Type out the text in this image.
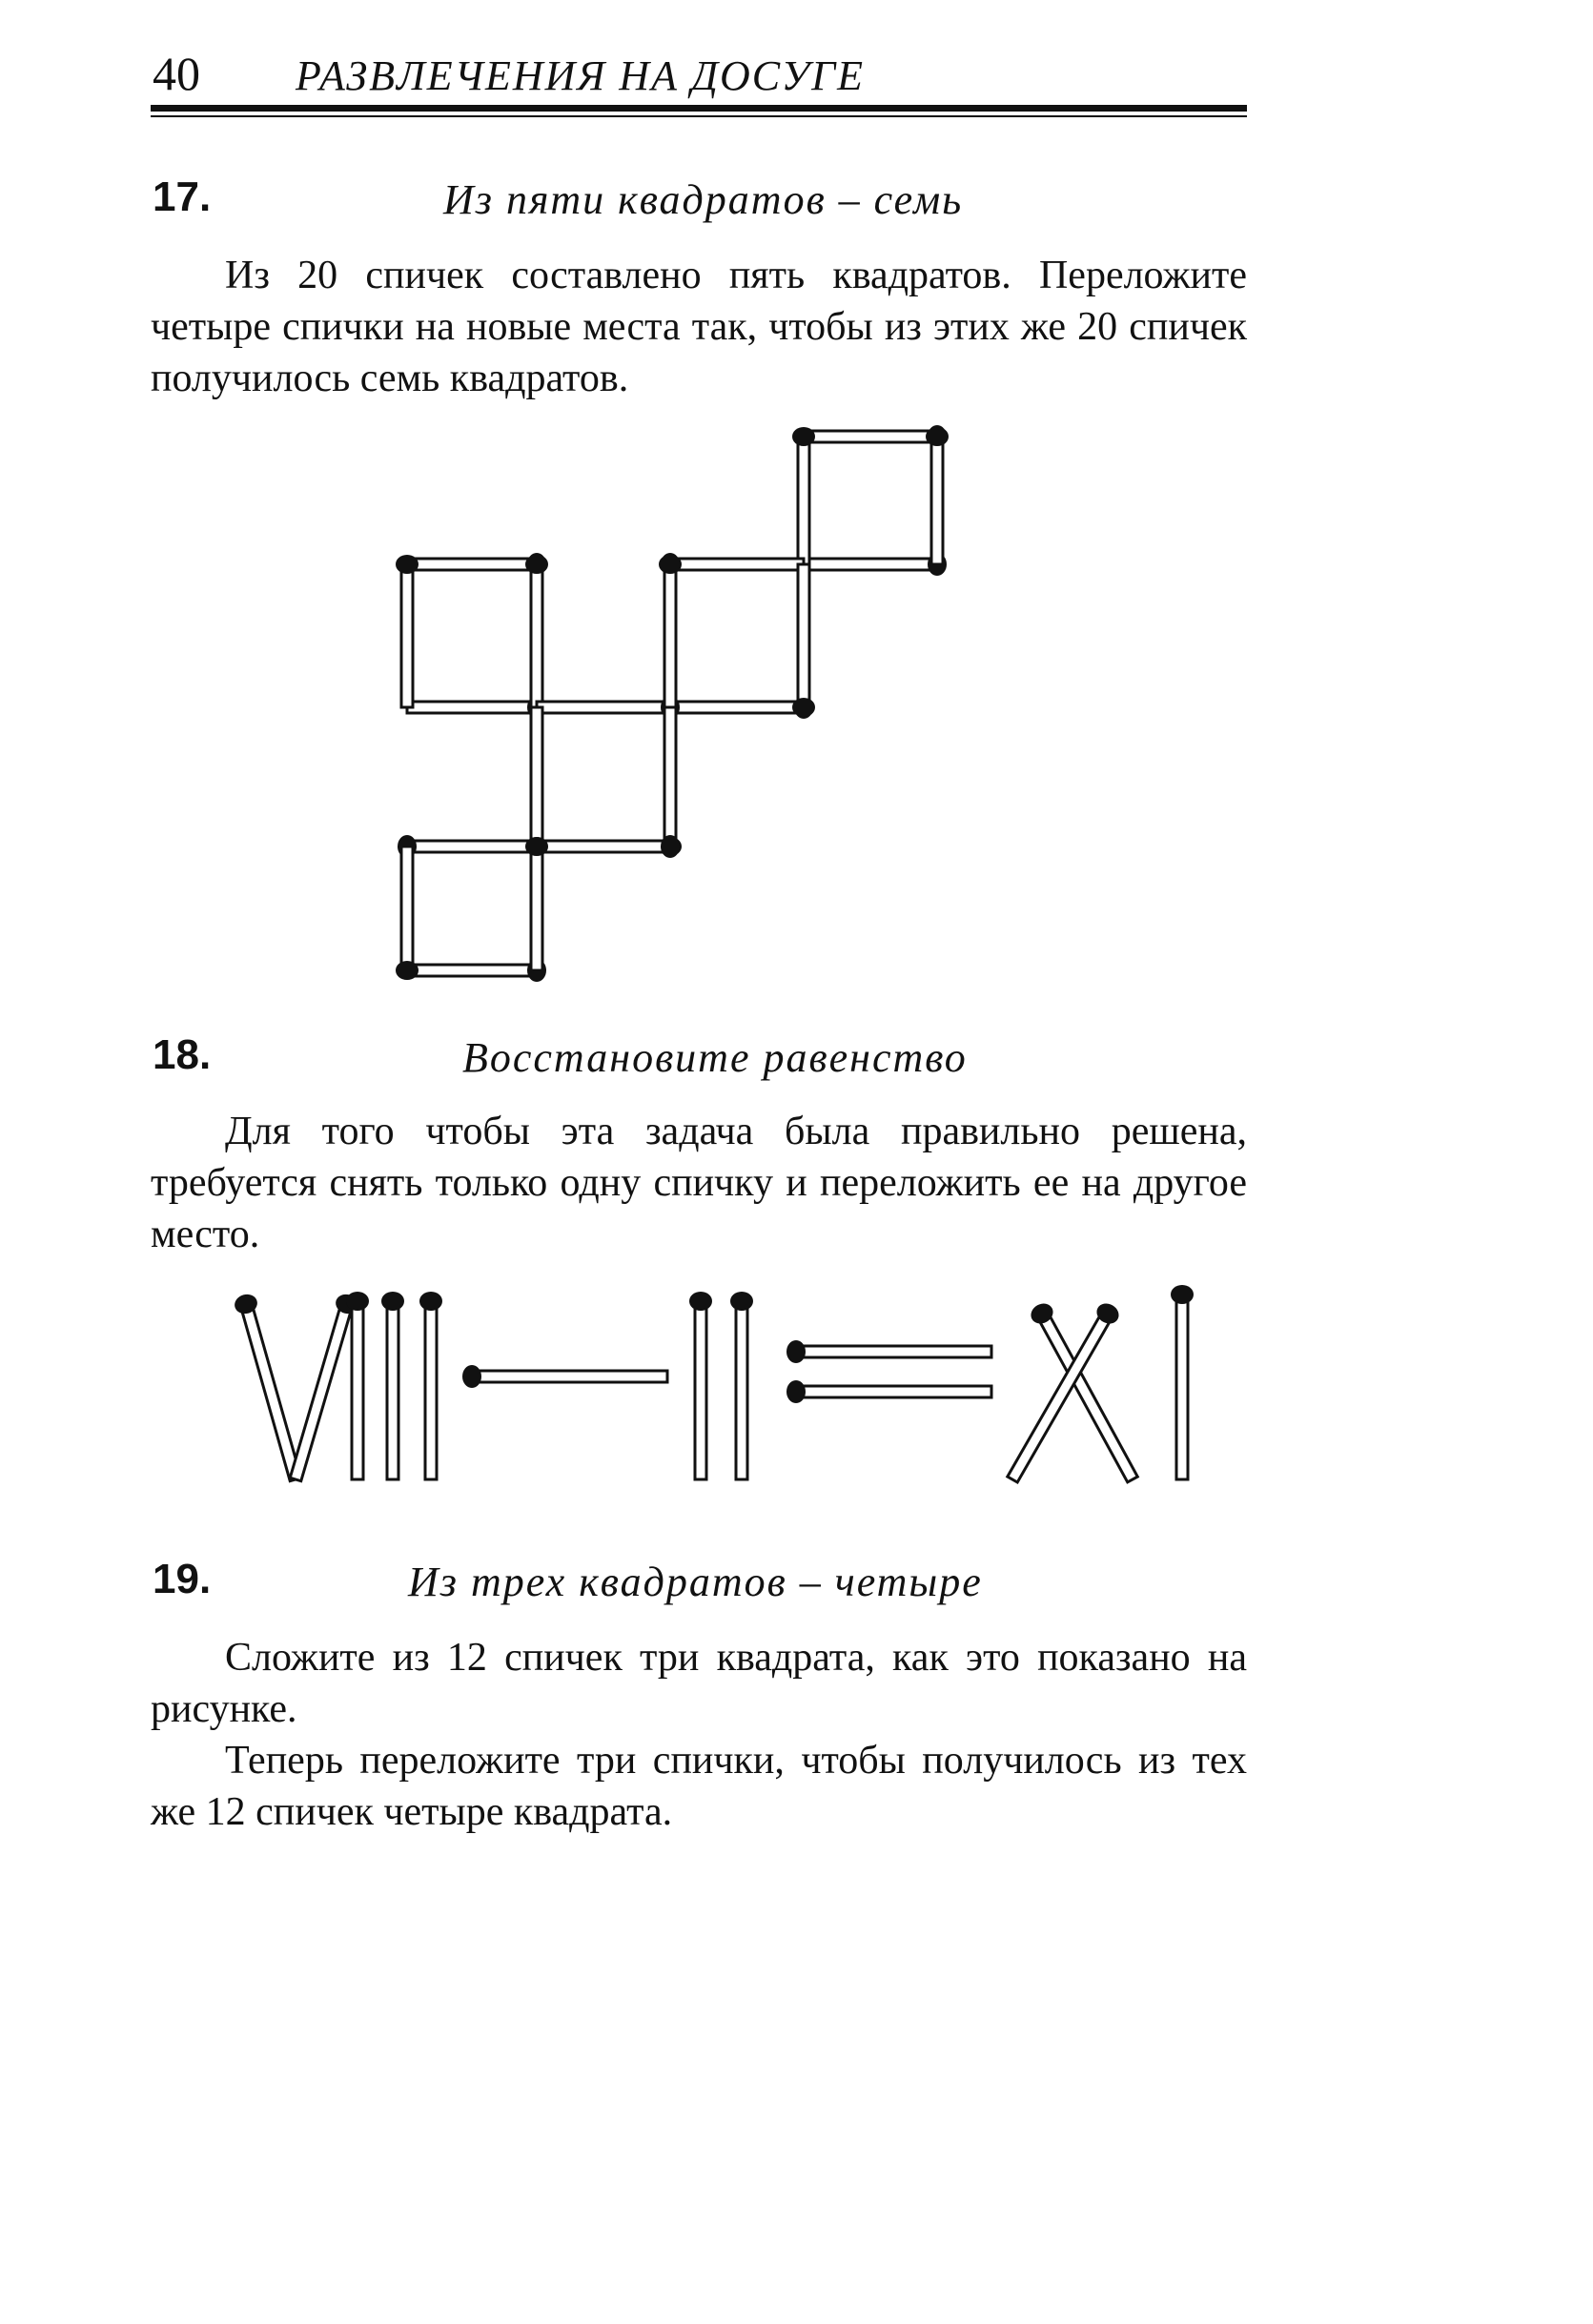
40 РАЗВЛЕЧЕНИЯ НА ДОСУГЕ
17.	Из пяти квадратов – семь

Из 20 спичек составлено пять квадратов. Переложите четыре спички на новые места так, чтобы из этих же 20 спичек получилось семь квадратов.

18.	Восстановите равенство

Для того чтобы эта задача была правильно решена, требуется снять только одну спичку и переложить ее на другое место.

19.	Из трех квадратов – четыре

Сложите из 12 спичек три квадрата, как это показано на рисунке.

Теперь переложите три спички, чтобы получилось из тех же 12 спичек четыре квадрата.
